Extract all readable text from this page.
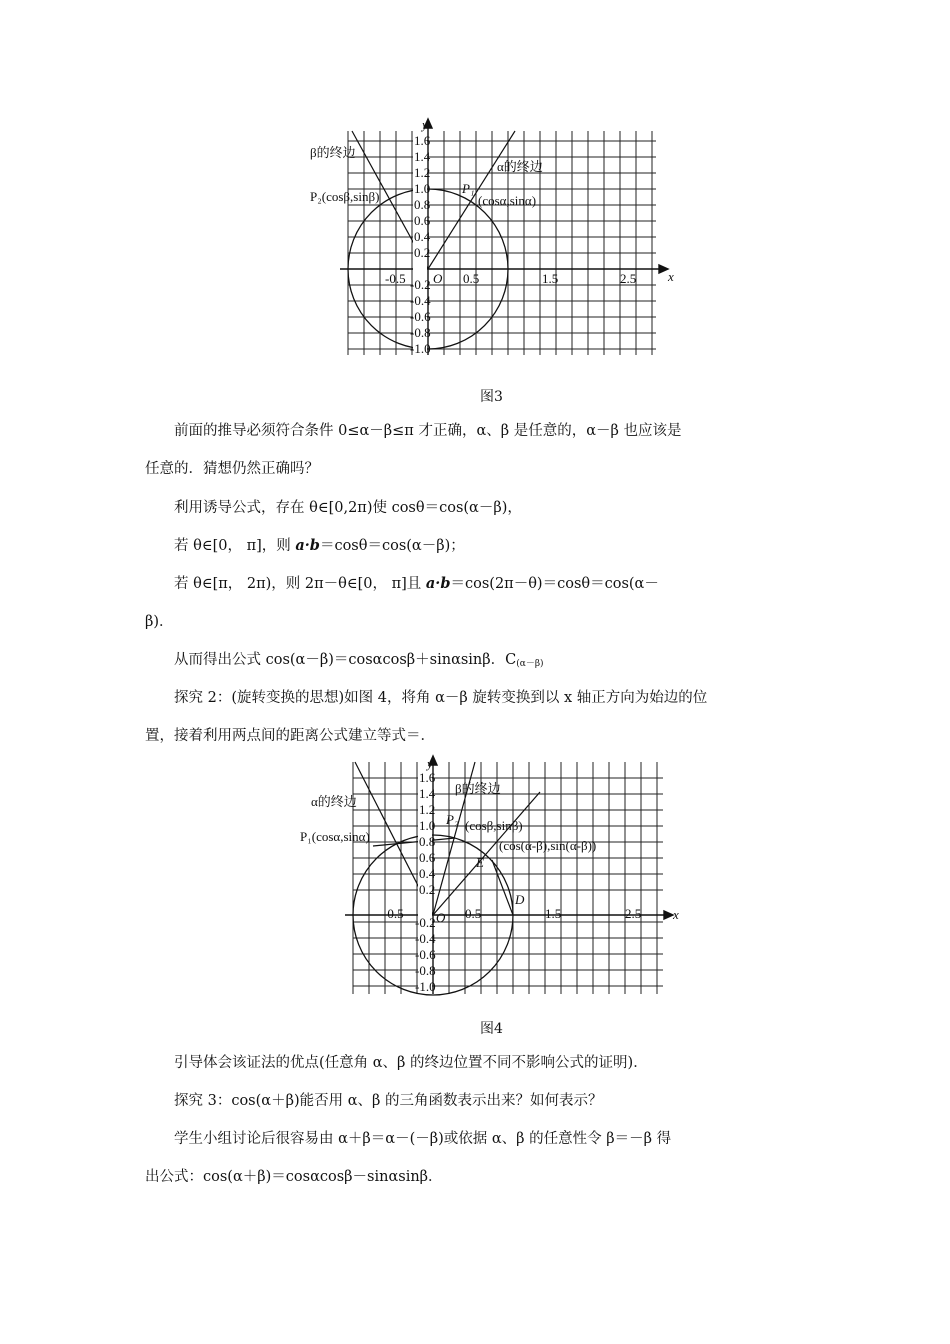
1.6
1.4
1.2
1.0
0.8
0.6
0.4
0.2
-0.2
-0.4
-0.6
-0.8
-1.0
-0.5	0.5	1.5	2.5
O	x
y
β的终边
α的终边
P₂(cosβ,sinβ)
P₁
(cosα,sinα)
图3
前面的推导必须符合条件 0≤α－β≤π 才正确，α、β 是任意的，α－β 也应该是
任意的．猜想仍然正确吗？
利用诱导公式，存在 θ∈[0,2π)使 cosθ＝cos(α－β)，
若 θ∈[0， π]，则 a·b＝cosθ＝cos(α－β)；
若 θ∈[π， 2π)，则 2π－θ∈[0， π]且 a·b＝cos(2π－θ)＝cosθ＝cos(α－
β)．
从而得出公式 cos(α－β)＝cosαcosβ＋sinαsinβ．$C_{(\alpha-\beta)}$
探究 2：(旋转变换的思想)如图 4，将角 α－β 旋转变换到以 x 轴正方向为始边的位
置，接着利用两点间的距离公式建立等式＝．
1.6
1.4
1.2
1.0
0.8
0.6
0.4
0.2
-0.2
-0.4
-0.6
-0.8
-1.0
-0.5	0.5	1.5	2.5
O	x
y
α的终边
β的终边
P₁(cosα,sinα)
P₂ (cosβ,sinβ)
(cos(α-β),sin(α-β))
E
D
图4
引导体会该证法的优点(任意角 α、β 的终边位置不同不影响公式的证明)．
探究 3：cos(α＋β)能否用 α、β 的三角函数表示出来？如何表示？
学生小组讨论后很容易由 α＋β＝α－(－β)或依据 α、β 的任意性令 β＝－β 得
出公式：cos(α＋β)＝cosαcosβ－sinαsinβ．
